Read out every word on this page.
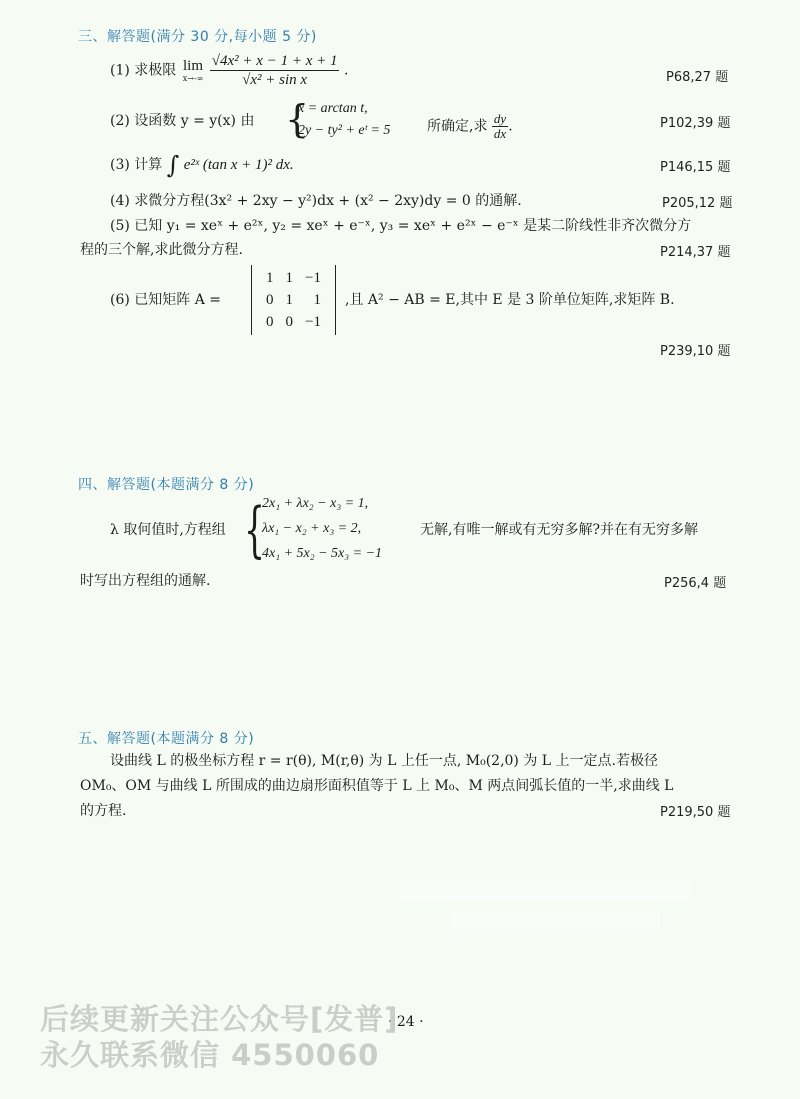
三、解答题(满分 30 分,每小题 5 分)
(1) 求极限 lim
x→-∞
$\frac{\text{√4x² + x − 1 + x + 1}}{\text{√x² + sin x}}$ .	P68,27 题
(2) 设函数 y = y(x) 由 {
x = arctan t,
2y − ty² + eᵗ = 5	所确定,求 $\frac{dy}{dx}$ .	P102,39 题
(3) 计算 ∫ e²ˣ (tan x + 1)² dx.	P146,15 题
(4) 求微分方程(3x² + 2xy − y²)dx + (x² − 2xy)dy = 0 的通解.	P205,12 题
(5) 已知 y₁ = xeˣ + e²ˣ, y₂ = xeˣ + e⁻ˣ, y₃ = xeˣ + e²ˣ − e⁻ˣ 是某二阶线性非齐次微分方
程的三个解,求此微分方程.	P214,37 题
(6) 已知矩阵 A =
1	1	−1
0	1	1
0	0	−1
,且 A² − AB = E,其中 E 是 3 阶单位矩阵,求矩阵 B.
P239,10 题
四、解答题(本题满分 8 分)
λ 取何值时,方程组 {
2x₁ + λx₂ − x₃ = 1,
λx₁ − x₂ + x₃ = 2,
4x₁ + 5x₂ − 5x₃ = −1
无解,有唯一解或有无穷多解?并在有无穷多解
时写出方程组的通解.	P256,4 题
五、解答题(本题满分 8 分)
设曲线 L 的极坐标方程 r = r(θ), M(r,θ) 为 L 上任一点, M₀(2,0) 为 L 上一定点.若极径
OM₀、OM 与曲线 L 所围成的曲边扇形面积值等于 L 上 M₀、M 两点间弧长值的一半,求曲线 L
的方程.	P219,50 题
· 24 ·
后续更新关注公众号[发普]
永久联系微信 4550060
